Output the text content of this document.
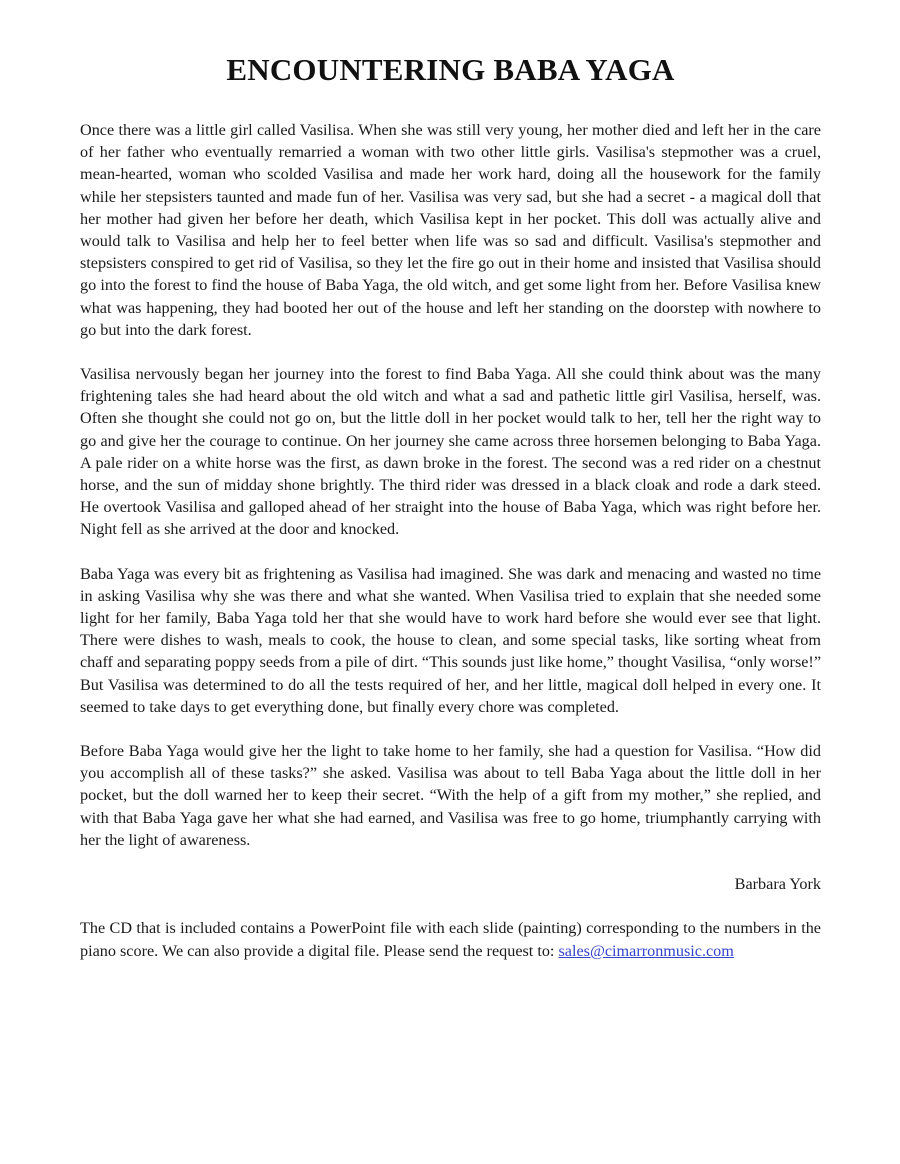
ENCOUNTERING BABA YAGA

Once there was a little girl called Vasilisa. When she was still very young, her mother died and left her in the care of her father who eventually remarried a woman with two other little girls. Vasilisa's stepmother was a cruel, mean-hearted, woman who scolded Vasilisa and made her work hard, doing all the housework for the family while her stepsisters taunted and made fun of her. Vasilisa was very sad, but she had a secret - a magical doll that her mother had given her before her death, which Vasilisa kept in her pocket. This doll was actually alive and would talk to Vasilisa and help her to feel better when life was so sad and difficult. Vasilisa's stepmother and stepsisters conspired to get rid of Vasilisa, so they let the fire go out in their home and insisted that Vasilisa should go into the forest to find the house of Baba Yaga, the old witch, and get some light from her. Before Vasilisa knew what was happening, they had booted her out of the house and left her standing on the doorstep with nowhere to go but into the dark forest.

Vasilisa nervously began her journey into the forest to find Baba Yaga. All she could think about was the many frightening tales she had heard about the old witch and what a sad and pathetic little girl Vasilisa, herself, was. Often she thought she could not go on, but the little doll in her pocket would talk to her, tell her the right way to go and give her the courage to continue. On her journey she came across three horsemen belonging to Baba Yaga. A pale rider on a white horse was the first, as dawn broke in the forest. The second was a red rider on a chestnut horse, and the sun of midday shone brightly. The third rider was dressed in a black cloak and rode a dark steed. He overtook Vasilisa and galloped ahead of her straight into the house of Baba Yaga, which was right before her. Night fell as she arrived at the door and knocked.

Baba Yaga was every bit as frightening as Vasilisa had imagined. She was dark and menacing and wasted no time in asking Vasilisa why she was there and what she wanted. When Vasilisa tried to explain that she needed some light for her family, Baba Yaga told her that she would have to work hard before she would ever see that light. There were dishes to wash, meals to cook, the house to clean, and some special tasks, like sorting wheat from chaff and separating poppy seeds from a pile of dirt. “This sounds just like home,” thought Vasilisa, “only worse!” But Vasilisa was determined to do all the tests required of her, and her little, magical doll helped in every one. It seemed to take days to get everything done, but finally every chore was completed.

Before Baba Yaga would give her the light to take home to her family, she had a question for Vasilisa. “How did you accomplish all of these tasks?” she asked. Vasilisa was about to tell Baba Yaga about the little doll in her pocket, but the doll warned her to keep their secret. “With the help of a gift from my mother,” she replied, and with that Baba Yaga gave her what she had earned, and Vasilisa was free to go home, triumphantly carrying with her the light of awareness.

Barbara York

The CD that is included contains a PowerPoint file with each slide (painting) corresponding to the numbers in the piano score. We can also provide a digital file. Please send the request to: sales@cimarronmusic.com
